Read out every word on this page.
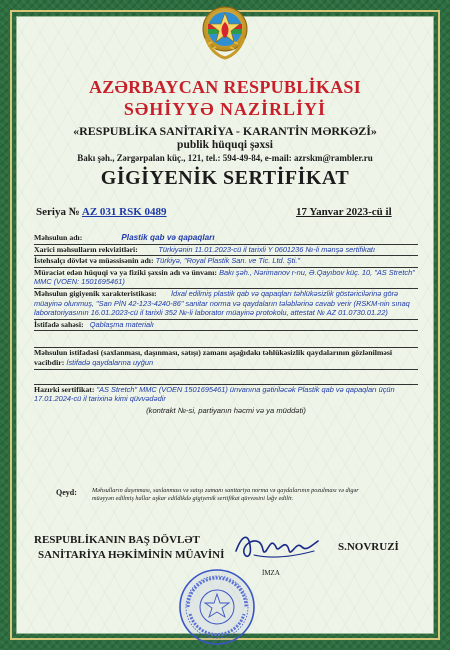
AZƏRBAYCAN RESPUBLİKASI
SƏHİYYƏ NAZİRLİYİ
«RESPUBLİKA SANİTARİYA - KARANTİN MƏRKƏZİ»
publik hüquqi şəxsi
Bakı şəh., Zərgərpalan küç., 121, tel.: 594-49-84, e-mail: azrskm@rambler.ru
GİGİYENİK SERTİFİKAT
Seriya № AZ 031 RSK 0489	17 Yanvar 2023-cü il
Məhsulun adı:	Plastik qab və qapaqları
Xarici məhsulların rekvizitləri:	Türkiyənin 11.01.2023-cü il tarixli Y 0601236 №-li mənşə sertifikatı
İstehsalçı dövlət və müəssisənin adı: Türkiyə, "Royal Plastik San. ve Tic. Ltd. Şti."
Müraciət edən hüquqi və ya fiziki şəxsin adı və ünvanı: Bakı şəh., Nərimanov r-nu, Ə.Qayıbov küç. 10, "AS Stretch" MMC (VOEN: 1501695461)
Məhsulun gigiyenik xarakteristikası: İdxal edilmiş plastik qab və qapaqları təhlükəsizlik göstəricilərinə görə müayinə olunmuş, "San PİN 42-123-4240-86" sanitar norma və qaydaların tələblərinə cavab verir (RSKM-nin sınaq laboratoriyasının 16.01.2023-cü il tarixli 352 №-li laborator müayinə protokolu, attestat № AZ 01.0730.01.22)
İstifadə sahəsi: Qablaşma materialı
Məhsulun istifadəsi (saxlanması, daşınması, satışı) zamanı aşağıdakı təhlükəsizlik qaydalarının gözlənilməsi vacibdir: İstifadə qaydalarına uyğun
Hazırki sertifikat: "AS Stretch" MMC (VOEN 1501695461) ünvanına gətiriləcək Plastik qab və qapaqları üçün 17.01.2024-cü il tarixinə kimi qüvvədədir
(kontrakt №-si, partiyanın həcmi və ya müddəti)
Qeyd: Məhsulların daşınması, saxlanması və satışı zamanı sanitariya norma və qaydalarının pozulması və digər müəyyən edilmiş hallar aşkar edildikdə gigiyenik sertifikat qüvvəsini ləğv edilir.
RESPUBLİKANIN BAŞ DÖVLƏT
SANİTARİYA HƏKİMİNİN MÜAVİNİ
İMZA
S.NOVRUZİ
